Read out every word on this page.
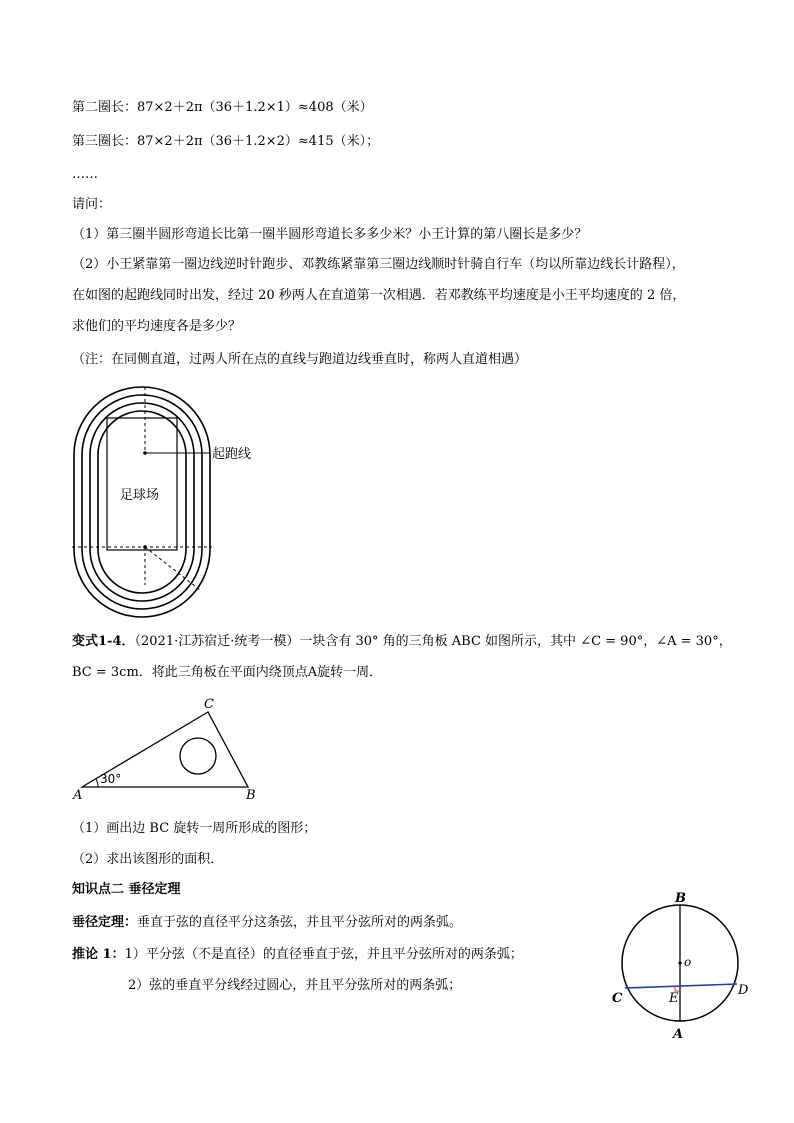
第二圈长：87×2＋2π（36＋1.2×1）≈408（米）
第三圈长：87×2＋2π（36＋1.2×2）≈415（米）；
……
请问：
（1）第三圈半圆形弯道长比第一圈半圆形弯道长多多少米？小王计算的第八圈长是多少？
（2）小王紧靠第一圈边线逆时针跑步、邓教练紧靠第三圈边线顺时针骑自行车（均以所靠边线长计路程），
在如图的起跑线同时出发，经过 20 秒两人在直道第一次相遇．若邓教练平均速度是小王平均速度的 2 倍，
求他们的平均速度各是多少？
（注：在同侧直道，过两人所在点的直线与跑道边线垂直时，称两人直道相遇）
起跑线
足球场
变式1-4．（2021·江苏宿迁·统考一模）一块含有 30° 角的三角板 ABC 如图所示，其中 ∠C = 90°，∠A = 30°，
BC = 3cm．将此三角板在平面内绕顶点A旋转一周．
30°
A	B
C
（1）画出边 BC 旋转一周所形成的图形；
（2）求出该图形的面积．
知识点二 垂径定理
垂径定理：垂直于弦的直径平分这条弦，并且平分弦所对的两条弧。
推论 1：1）平分弦（不是直径）的直径垂直于弦，并且平分弦所对的两条弧；
2）弦的垂直平分线经过圆心，并且平分弦所对的两条弧；
o
B
A
C
D
E
